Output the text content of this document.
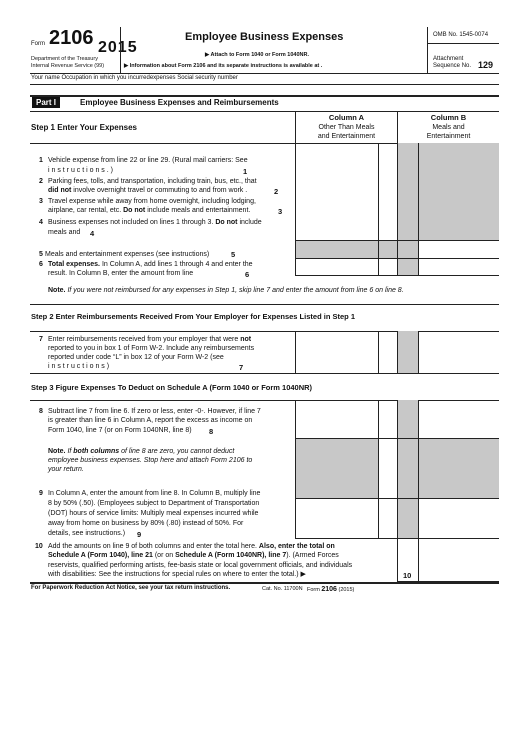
Form 2106 2015
Department of the Treasury
Internal Revenue Service (99)
Employee Business Expenses
▶ Attach to Form 1040 or Form 1040NR.
▶ Information about Form 2106 and its separate instructions is available at .
OMB No. 1545-0074
Attachment
Sequence No. 129
Your name Occupation in which you incurredexpenses Social security number
Part I	Employee Business Expenses and Reimbursements
Column A
Other Than Meals
and Entertainment
Column B
Meals and
Entertainment
Step 1 Enter Your Expenses
1 Vehicle expense from line 22 or line 29. (Rural mail carriers: See
i n s t r u c t i o n s . )	1
2 Parking fees, tolls, and transportation, including train, bus, etc., that
did not involve overnight travel or commuting to and from work .	2
3 Travel expense while away from home overnight, including lodging,
airplane, car rental, etc. Do not include meals and entertainment.	3
4 Business expenses not included on lines 1 through 3. Do not include
meals and 4
5 Meals and entertainment expenses (see instructions)	5
6 Total expenses. In Column A, add lines 1 through 4 and enter the
result. In Column B, enter the amount from line	6
Note. If you were not reimbursed for any expenses in Step 1, skip line 7 and enter the amount from line 6 on line 8.
Step 2 Enter Reimbursements Received From Your Employer for Expenses Listed in Step 1
7 Enter reimbursements received from your employer that were not
reported to you in box 1 of Form W-2. Include any reimbursements
reported under code “L” in box 12 of your Form W-2 (see
i n s t r u c t i o n s )	7
Step 3 Figure Expenses To Deduct on Schedule A (Form 1040 or Form 1040NR)
8 Subtract line 7 from line 6. If zero or less, enter -0-. However, if line 7
is greater than line 6 in Column A, report the excess as income on
Form 1040, line 7 (or on Form 1040NR, line 8) 8
Note. If both columns of line 8 are zero, you cannot deduct
employee business expenses. Stop here and attach Form 2106 to
your return.
9 In Column A, enter the amount from line 8. In Column B, multiply line
8 by 50% (.50). (Employees subject to Department of Transportation
(DOT) hours of service limits: Multiply meal expenses incurred while
away from home on business by 80% (.80) instead of 50%. For
details, see instructions.) 9
10 Add the amounts on line 9 of both columns and enter the total here. Also, enter the total on
Schedule A (Form 1040), line 21 (or on Schedule A (Form 1040NR), line 7). (Armed Forces
reservists, qualified performing artists, fee-basis state or local government officials, and individuals
with disabilities: See the instructions for special rules on where to enter the total.) ▶	10
For Paperwork Reduction Act Notice, see your tax return instructions.	Cat. No. 11700N Form 2106 (2015)
